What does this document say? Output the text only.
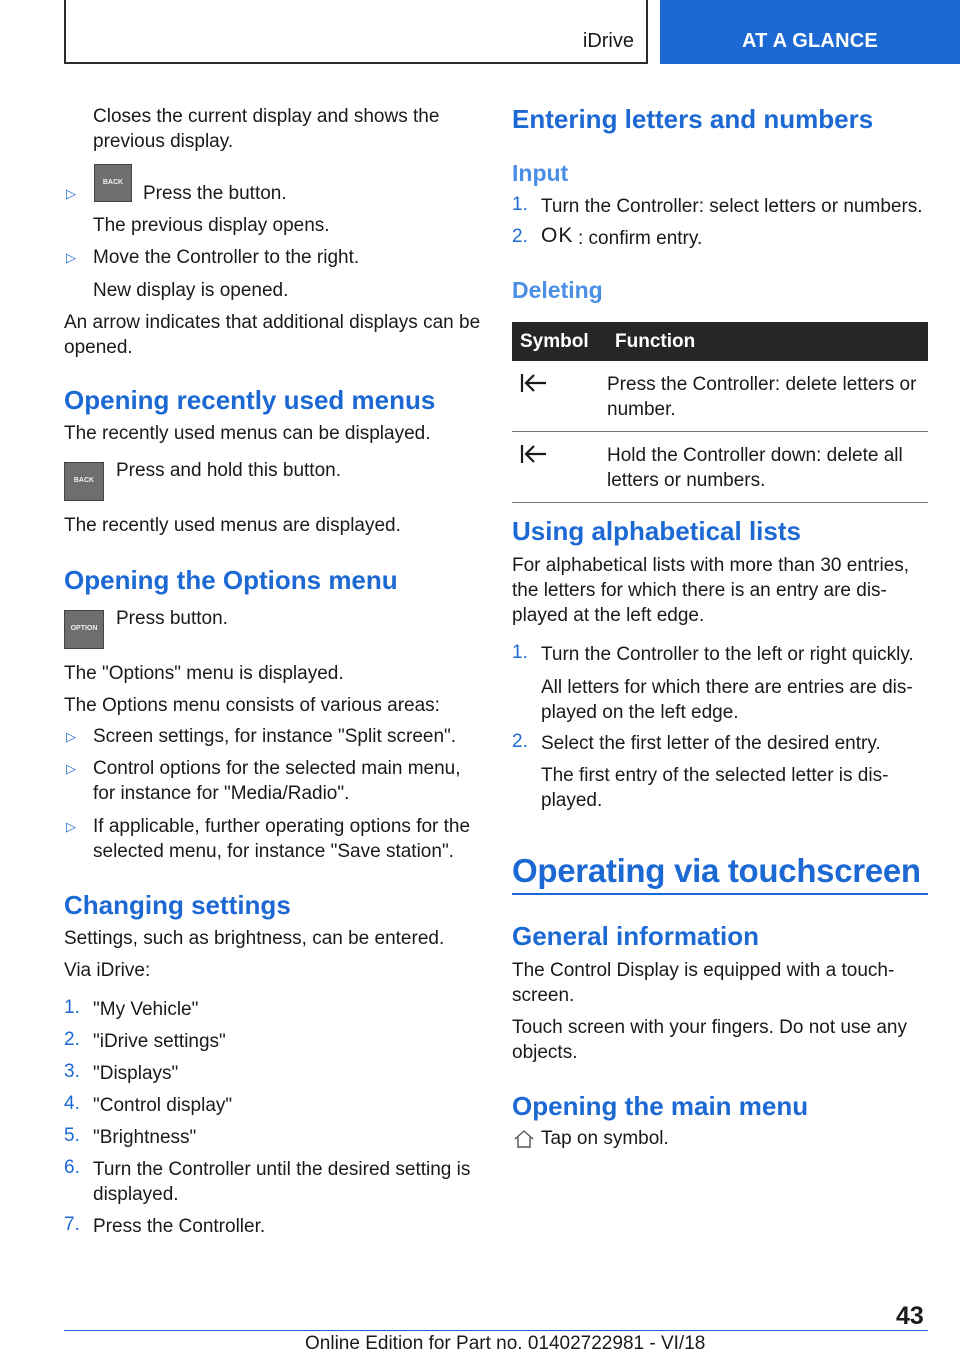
iDrive	AT A GLANCE

Closes the current display and shows the previous display.

▷
BACK

Press the button.

The previous display opens.

▷ Move the Controller to the right.

New display is opened.

An arrow indicates that additional displays can be opened.

Opening recently used menus

The recently used menus can be displayed.

BACK	Press and hold this button.

The recently used menus are displayed.

Opening the Options menu
OPTION Press button.

The "Options" menu is displayed.

The Options menu consists of various areas:

▷ Screen settings, for instance "Split screen".

▷ Control options for the selected main menu, for instance for "Media/Radio".

▷ If applicable, further operating options for the selected menu, for instance "Save station".

Changing settings

Settings, such as brightness, can be entered.

Via iDrive:

1. "My Vehicle"

2. "iDrive settings"

3. "Displays"

4. "Control display"

5. "Brightness"

6. Turn the Controller until the desired setting is displayed.

7. Press the Controller.

Entering letters and numbers
Input
1. Turn the Controller: select letters or numbers.

2. OK : confirm entry.

Deleting
Symbol	Function
	Press the Controller: delete letters or number.
	Hold the Controller down: delete all letters or numbers.
Using alphabetical lists

For alphabetical lists with more than 30 entries, the letters for which there is an entry are dis-played at the left edge.

1. Turn the Controller to the left or right quickly.

All letters for which there are entries are dis-played on the left edge.

2. Select the first letter of the desired entry.

The first entry of the selected letter is dis-played.

Operating via touchscreen
General information

The Control Display is equipped with a touch-screen.

Touch screen with your fingers. Do not use any objects.

Opening the main menu

Tap on symbol.

43
Online Edition for Part no. 01402722981 - VI/18
